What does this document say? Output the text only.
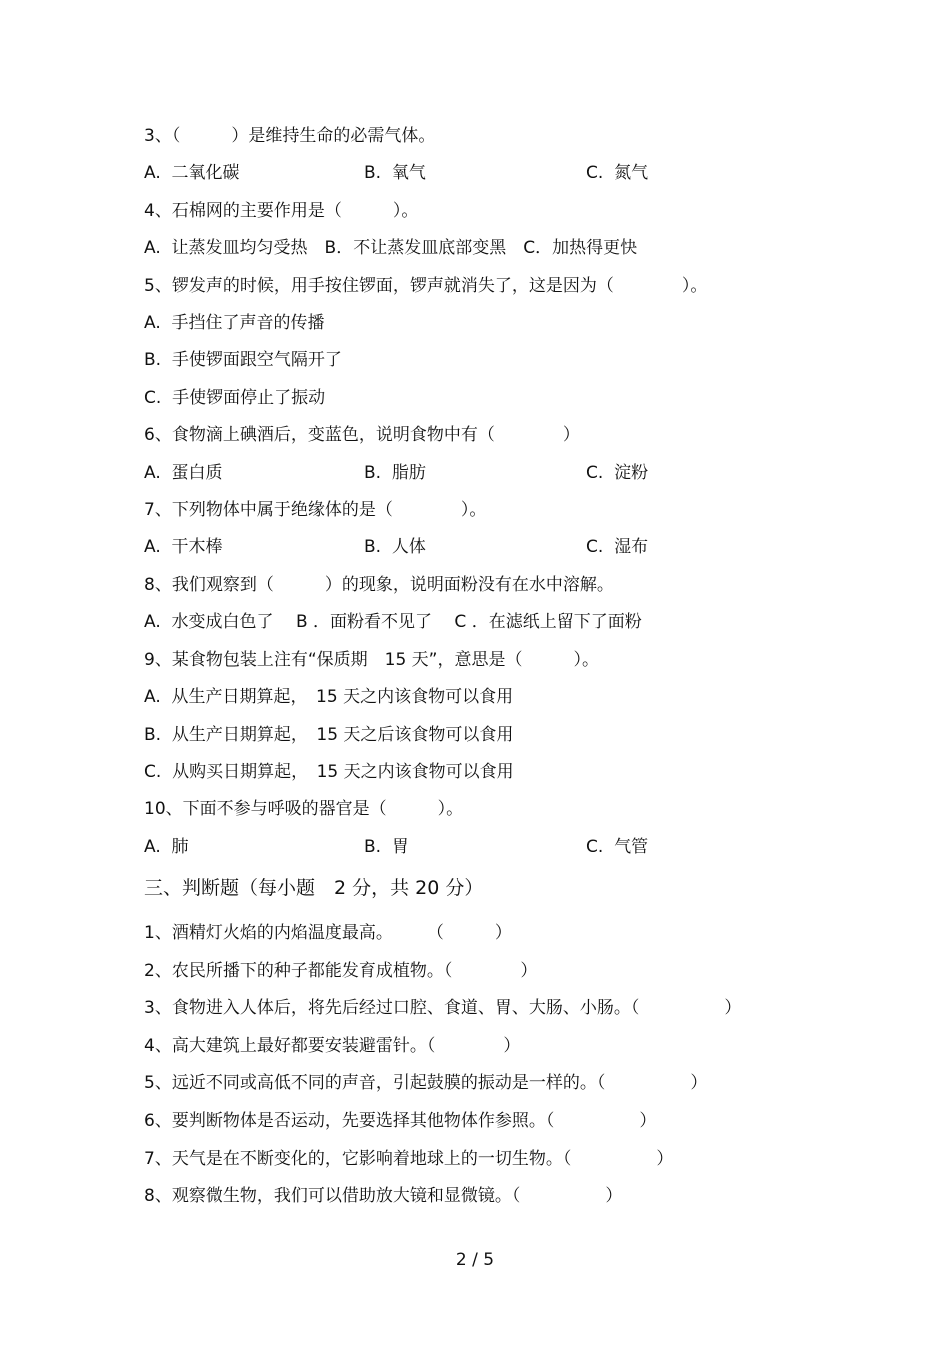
3、（　　　）是维持生命的必需气体。
A.  二氧化碳	B.  氧气	C.  氮气
4、石棉网的主要作用是（　　　）。
A.  让蒸发皿均匀受热　B．不让蒸发皿底部变黑　C．加热得更快
5、锣发声的时候，用手按住锣面，锣声就消失了，这是因为（　　　　）。
A.  手挡住了声音的传播
B.  手使锣面跟空气隔开了
C.  手使锣面停止了振动
6、食物滴上碘酒后，变蓝色，说明食物中有（　　　　）
A.  蛋白质	B.  脂肪	C.  淀粉
7、下列物体中属于绝缘体的是（　　　　）。
A.  干木棒	B.  人体	C.  湿布
8、我们观察到（　　　）的现象，说明面粉没有在水中溶解。
A.  水变成白色了　 B ．面粉看不见了　 C ．在滤纸上留下了面粉
9、某食物包装上注有“保质期　15 天”，意思是（　　　）。
A.  从生产日期算起，　15 天之内该食物可以食用
B.  从生产日期算起，　15 天之后该食物可以食用
C.  从购买日期算起，　15 天之内该食物可以食用
10、下面不参与呼吸的器官是（　　　）。
A.  肺	B.  胃	C.  气管
三、判断题（每小题　2 分，共 20 分）
1、酒精灯火焰的内焰温度最高。　　　（　　　）
2、农民所播下的种子都能发育成植物。（　　　　）
3、食物进入人体后，将先后经过口腔、食道、胃、大肠、小肠。（　　　　　）
4、高大建筑上最好都要安装避雷针。（　　　　）
5、远近不同或高低不同的声音，引起鼓膜的振动是一样的。（　　　　　）
6、要判断物体是否运动，先要选择其他物体作参照。（　　　　　）
7、天气是在不断变化的，它影响着地球上的一切生物。（　　　　　）
8、观察微生物，我们可以借助放大镜和显微镜。（　　　　　）
2 / 5
